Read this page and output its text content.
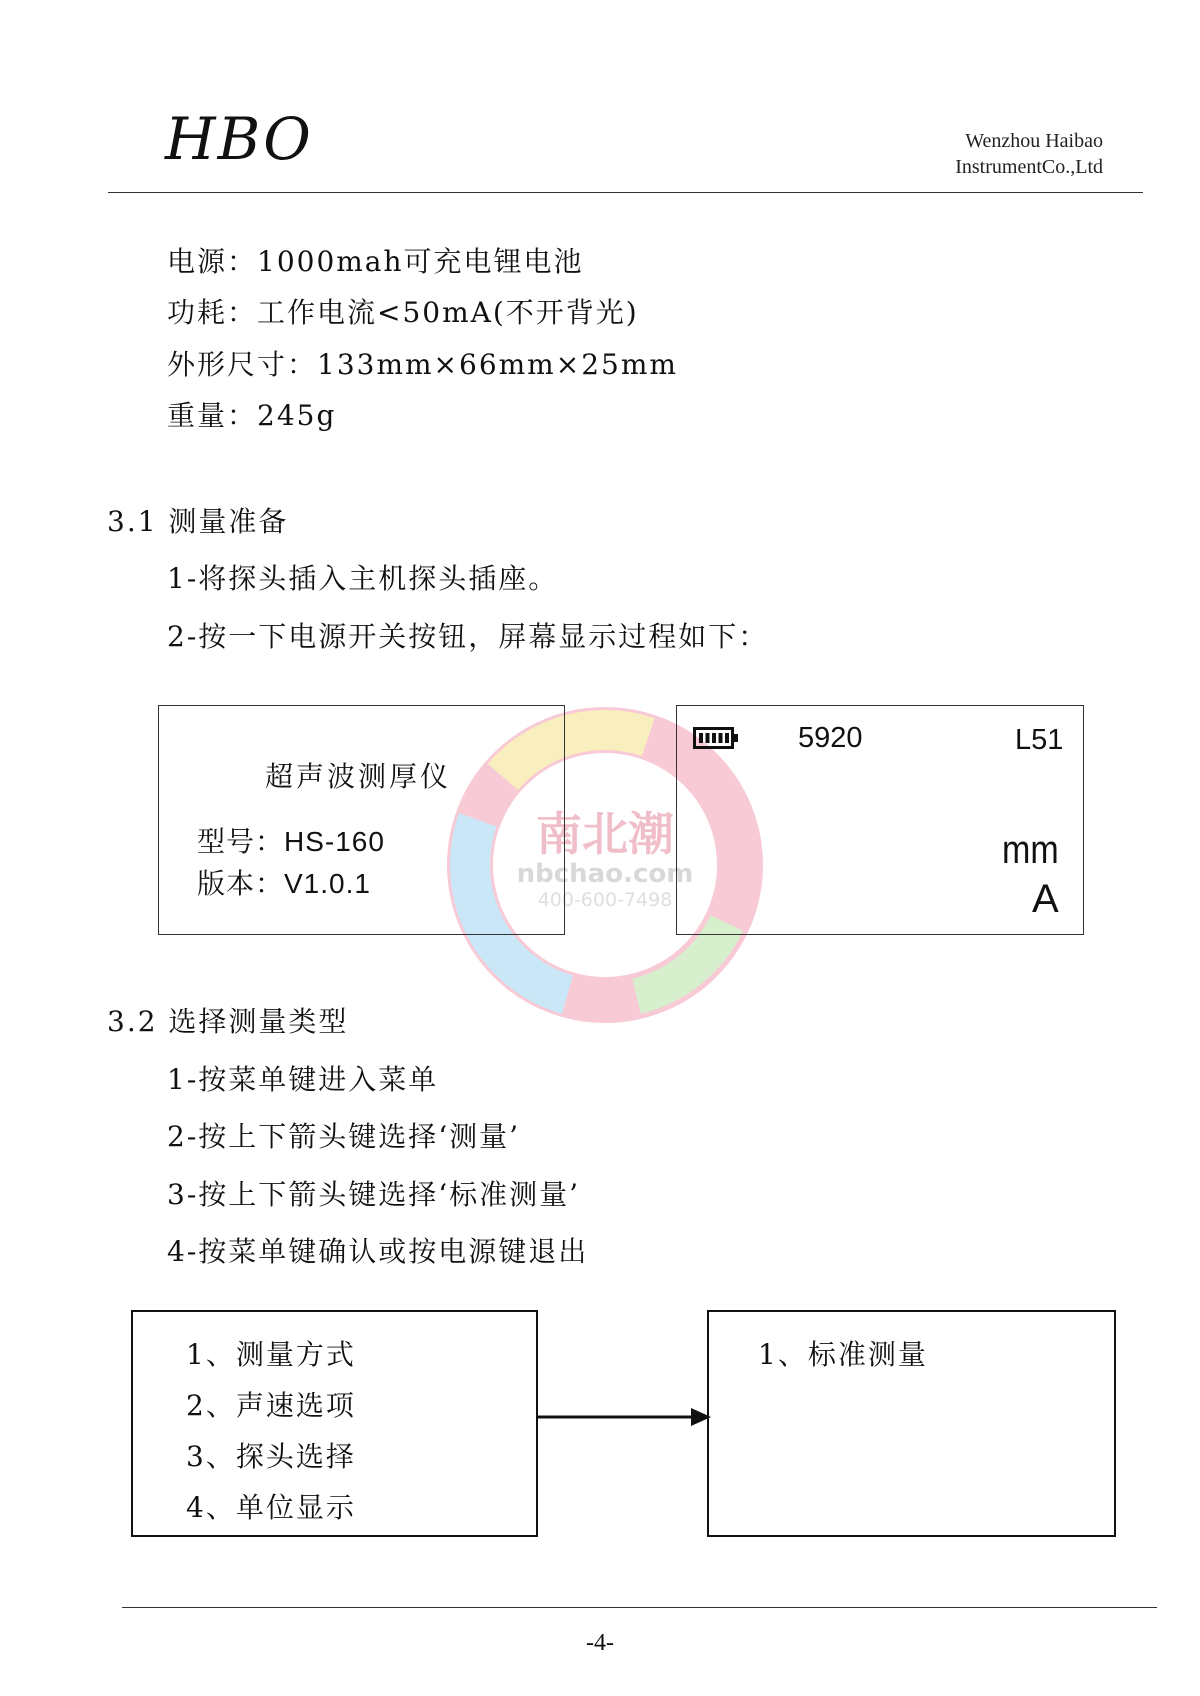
HBO	Wenzhou Haibao
InstrumentCo.,Ltd
电源：1000mah可充电锂电池
功耗：工作电流<50mA(不开背光)
外形尺寸：133mm×66mm×25mm
重量：245g
3.1 测量准备
1-将探头插入主机探头插座。
2-按一下电源开关按钮，屏幕显示过程如下：
南北潮
nbchao.com
400-600-7498
超声波测厚仪
型号：HS-160
版本：V1.0.1
5920	L51
mm
A
3.2 选择测量类型
1-按菜单键进入菜单
2-按上下箭头键选择‘测量’
3-按上下箭头键选择‘标准测量’
4-按菜单键确认或按电源键退出
1、测量方式
2、声速选项
3、探头选择
4、单位显示
1、标准测量
-4-
